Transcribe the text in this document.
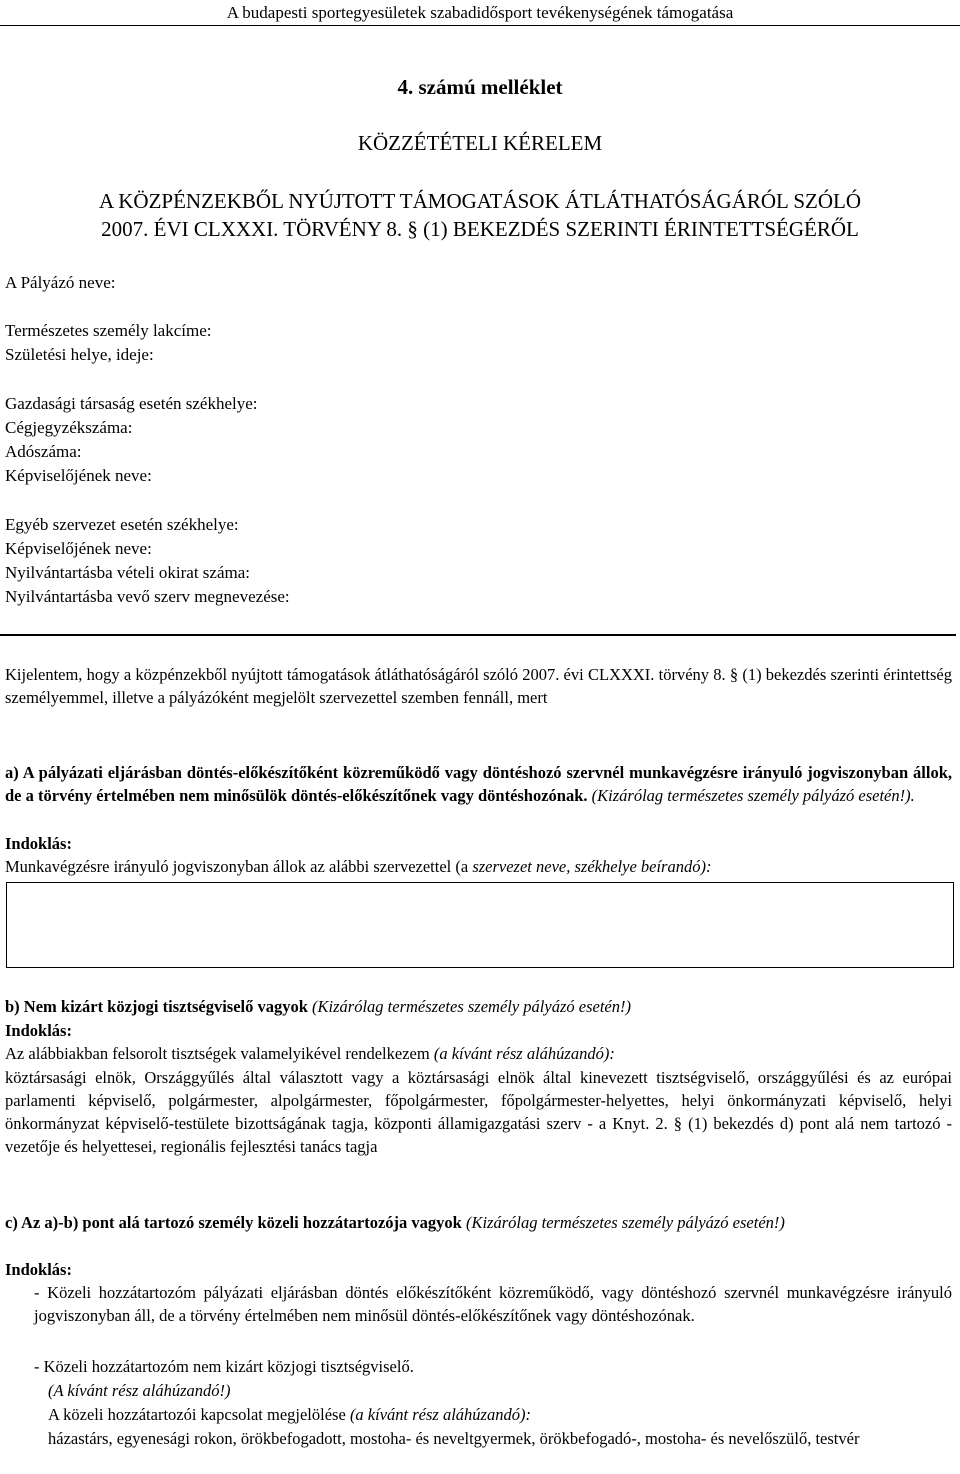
A budapesti sportegyesületek szabadidősport tevékenységének támogatása
4. számú melléklet
KÖZZÉTÉTELI KÉRELEM
A KÖZPÉNZEKBŐL NYÚJTOTT TÁMOGATÁSOK ÁTLÁTHATÓSÁGÁRÓL SZÓLÓ
2007. ÉVI CLXXXI. TÖRVÉNY 8. § (1) BEKEZDÉS SZERINTI ÉRINTETTSÉGÉRŐL
A Pályázó neve:
Természetes személy lakcíme:
Születési helye, ideje:
Gazdasági társaság esetén székhelye:
Cégjegyzékszáma:
Adószáma:
Képviselőjének neve:
Egyéb szervezet esetén székhelye:
Képviselőjének neve:
Nyilvántartásba vételi okirat száma:
Nyilvántartásba vevő szerv megnevezése:
Kijelentem, hogy a közpénzekből nyújtott támogatások átláthatóságáról szóló 2007. évi CLXXXI. törvény 8. § (1) bekezdés szerinti érintettség személyemmel, illetve a pályázóként megjelölt szervezettel szemben fennáll, mert
a) A pályázati eljárásban döntés-előkészítőként közreműködő vagy döntéshozó szervnél munkavégzésre irányuló jogviszonyban állok, de a törvény értelmében nem minősülök döntés-előkészítőnek vagy döntéshozónak. (Kizárólag természetes személy pályázó esetén!).
Indoklás:
Munkavégzésre irányuló jogviszonyban állok az alábbi szervezettel (a szervezet neve, székhelye beírandó):
b) Nem kizárt közjogi tisztségviselő vagyok (Kizárólag természetes személy pályázó esetén!)
Indoklás:
Az alábbiakban felsorolt tisztségek valamelyikével rendelkezem (a kívánt rész aláhúzandó):
köztársasági elnök, Országgyűlés által választott vagy a köztársasági elnök által kinevezett tisztségviselő, országgyűlési és az európai parlamenti képviselő, polgármester, alpolgármester, főpolgármester, főpolgármester-helyettes, helyi önkormányzati képviselő, helyi önkormányzat képviselő-testülete bizottságának tagja, központi államigazgatási szerv - a Knyt. 2. § (1) bekezdés d) pont alá nem tartozó - vezetője és helyettesei, regionális fejlesztési tanács tagja
c) Az a)-b) pont alá tartozó személy közeli hozzátartozója vagyok (Kizárólag természetes személy pályázó esetén!)
Indoklás:
- Közeli hozzátartozóm pályázati eljárásban döntés előkészítőként közreműködő, vagy döntéshozó szervnél munkavégzésre irányuló jogviszonyban áll, de a törvény értelmében nem minősül döntés-előkészítőnek vagy döntéshozónak.
- Közeli hozzátartozóm nem kizárt közjogi tisztségviselő.
(A kívánt rész aláhúzandó!)
A közeli hozzátartozói kapcsolat megjelölése (a kívánt rész aláhúzandó):
házastárs, egyenesági rokon, örökbefogadott, mostoha- és neveltgyermek, örökbefogadó-, mostoha- és nevelőszülő, testvér
